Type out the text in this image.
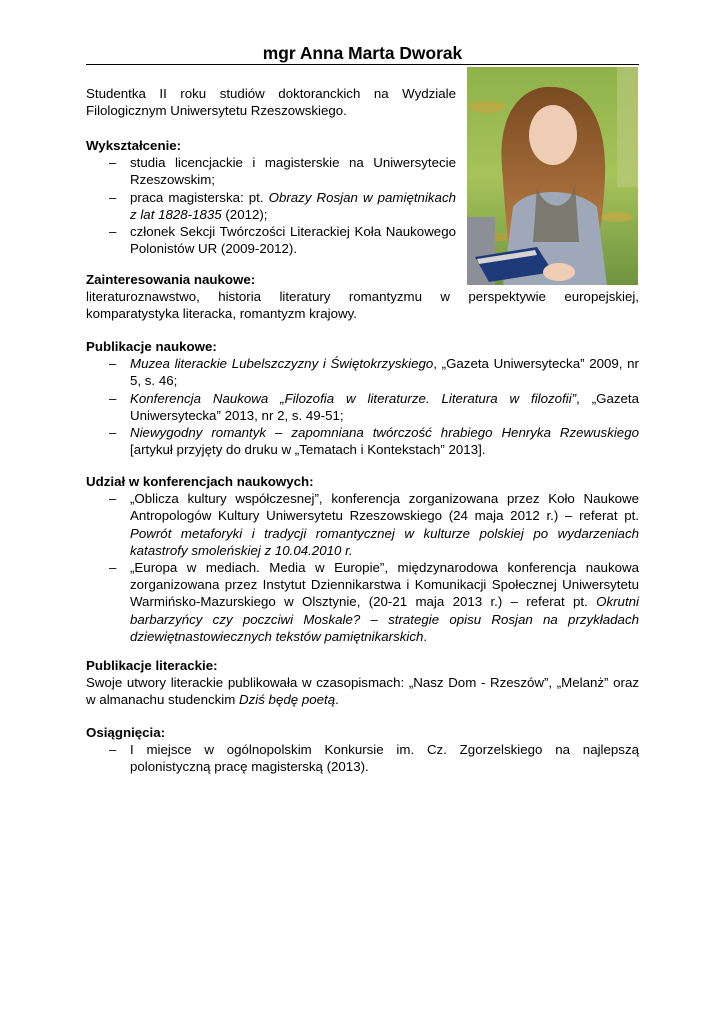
mgr Anna Marta Dworak

Studentka II roku studiów doktoranckich na Wydziale Filologicznym Uniwersytetu Rzeszowskiego.

Wykształcenie:

– studia licencjackie i magisterskie na Uniwersytecie Rzeszowskim;
– praca magisterska: pt. Obrazy Rosjan w pamiętnikach z lat 1828-1835 (2012);
– członek Sekcji Twórczości Literackiej Koła Naukowego Polonistów UR (2009-2012).

Zainteresowania naukowe:

literaturoznawstwo, historia literatury romantyzmu w perspektywie europejskiej, komparatystyka literacka, romantyzm krajowy.

Publikacje naukowe:

– Muzea literackie Lubelszczyzny i Świętokrzyskiego, „Gazeta Uniwersytecka” 2009, nr 5, s. 46;
– Konferencja Naukowa „Filozofia w literaturze. Literatura w filozofii”, „Gazeta Uniwersytecka” 2013, nr 2, s. 49-51;
– Niewygodny romantyk – zapomniana twórczość hrabiego Henryka Rzewuskiego [artykuł przyjęty do druku w „Tematach i Kontekstach” 2013].

Udział w konferencjach naukowych:

– „Oblicza kultury współczesnej”, konferencja zorganizowana przez Koło Naukowe Antropologów Kultury Uniwersytetu Rzeszowskiego (24 maja 2012 r.) – referat pt. Powrót metaforyki i tradycji romantycznej w kulturze polskiej po wydarzeniach katastrofy smoleńskiej z 10.04.2010 r.
– „Europa w mediach. Media w Europie”, międzynarodowa konferencja naukowa zorganizowana przez Instytut Dziennikarstwa i Komunikacji Społecznej Uniwersytetu Warmińsko-Mazurskiego w Olsztynie, (20-21 maja 2013 r.) – referat pt. Okrutni barbarzyńcy czy poczciwi Moskale? – strategie opisu Rosjan na przykładach dziewiętnastowiecznych tekstów pamiętnikarskich.

Publikacje literackie:

Swoje utwory literackie publikowała w czasopismach: „Nasz Dom - Rzeszów”, „Melanż” oraz w almanachu studenckim Dziś będę poetą.

Osiągnięcia:

– I miejsce w ogólnopolskim Konkursie im. Cz. Zgorzelskiego na najlepszą polonistyczną pracę magisterską (2013).
